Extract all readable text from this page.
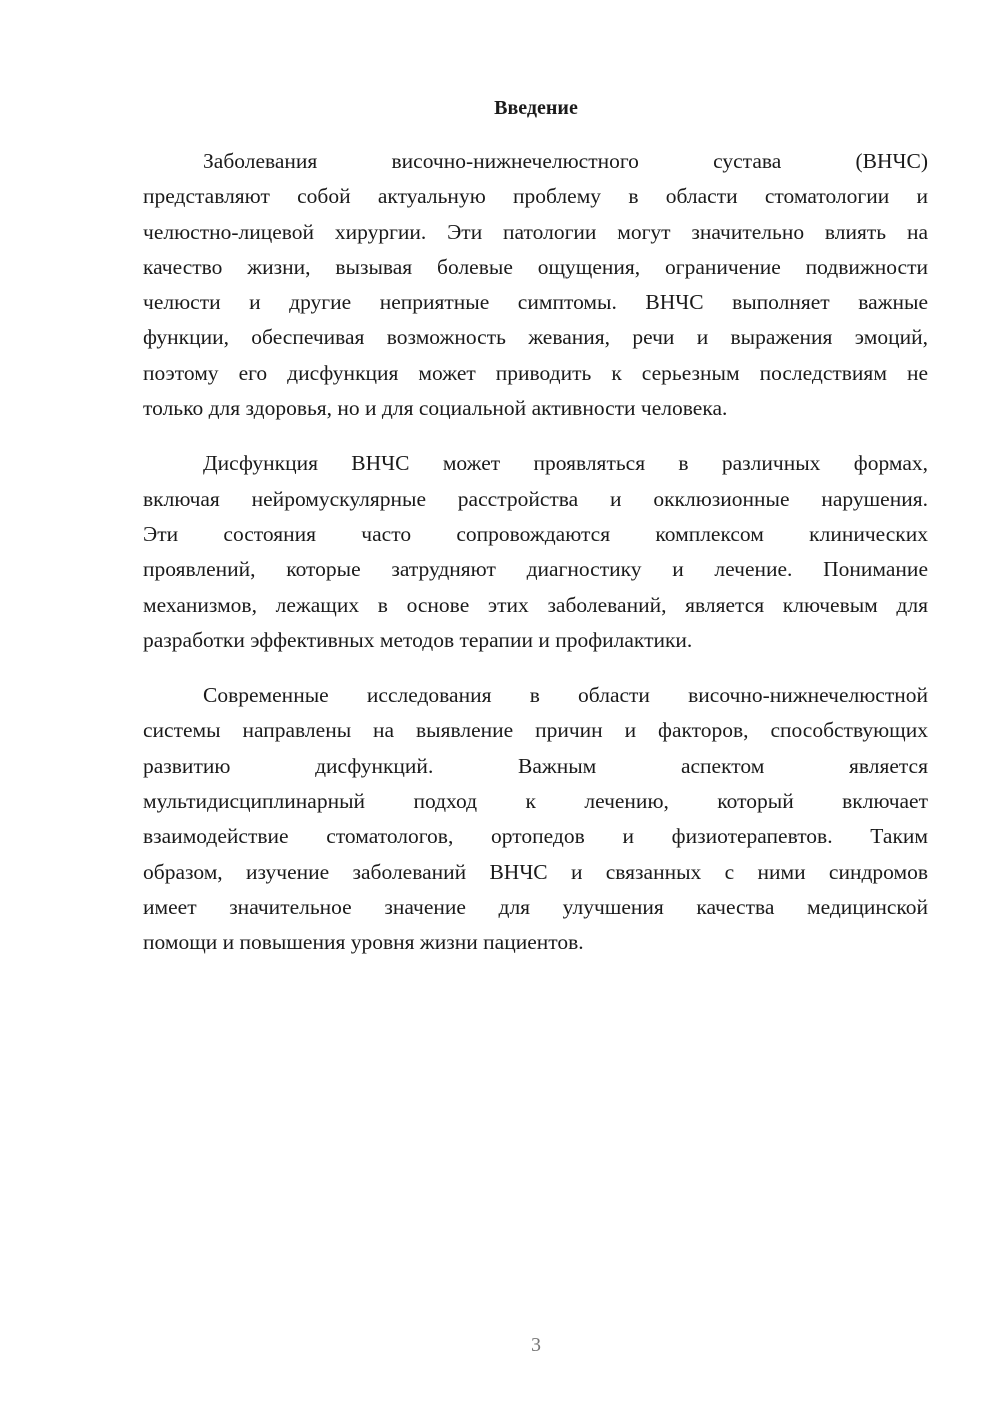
Введение
Заболевания височно-нижнечелюстного сустава (ВНЧС)
представляют собой актуальную проблему в области стоматологии и
челюстно-лицевой хирургии. Эти патологии могут значительно влиять на
качество жизни, вызывая болевые ощущения, ограничение подвижности
челюсти и другие неприятные симптомы. ВНЧС выполняет важные
функции, обеспечивая возможность жевания, речи и выражения эмоций,
поэтому его дисфункция может приводить к серьезным последствиям не
только для здоровья, но и для социальной активности человека.
Дисфункция ВНЧС может проявляться в различных формах,
включая нейромускулярные расстройства и окклюзионные нарушения.
Эти состояния часто сопровождаются комплексом клинических
проявлений, которые затрудняют диагностику и лечение. Понимание
механизмов, лежащих в основе этих заболеваний, является ключевым для
разработки эффективных методов терапии и профилактики.
Современные исследования в области височно-нижнечелюстной
системы направлены на выявление причин и факторов, способствующих
развитию дисфункций. Важным аспектом является
мультидисциплинарный подход к лечению, который включает
взаимодействие стоматологов, ортопедов и физиотерапевтов. Таким
образом, изучение заболеваний ВНЧС и связанных с ними синдромов
имеет значительное значение для улучшения качества медицинской
помощи и повышения уровня жизни пациентов.
3
